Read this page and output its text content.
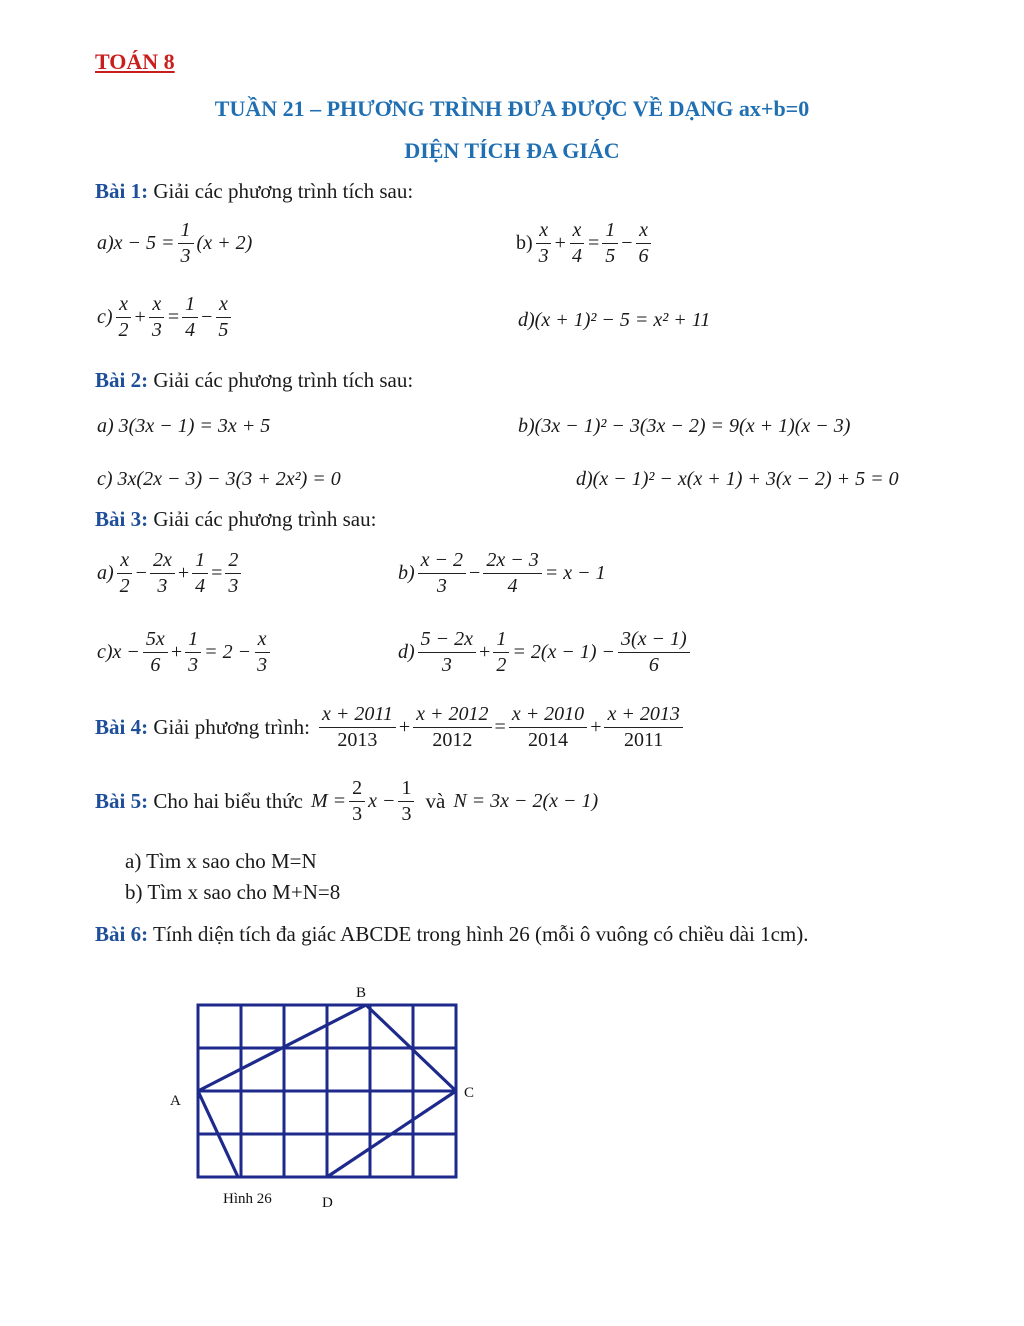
TOÁN 8
TUẦN 21 – PHƯƠNG TRÌNH ĐƯA ĐƯỢC VỀ DẠNG ax+b=0
DIỆN TÍCH ĐA GIÁC
Bài 1: Giải các phương trình tích sau:
$a)x - 5 = \frac{1}{3} (x + 2)$	$b) \frac{x}{3} + \frac{x}{4} = \frac{1}{5} - \frac{x}{6}$
$c) \frac{x}{2} + \frac{x}{3} = \frac{1}{4} - \frac{x}{5}$	d)(x + 1)² − 5 = x² + 11
Bài 2: Giải các phương trình tích sau:
a) 3(3x − 1) = 3x + 5	b)(3x − 1)² − 3(3x − 2) = 9(x + 1)(x − 3)
c) 3x(2x − 3) − 3(3 + 2x²) = 0	d)(x − 1)² − x(x + 1) + 3(x − 2) + 5 = 0
Bài 3: Giải các phương trình sau:
$a) \frac{x}{2} - \frac{2x}{3} + \frac{1}{4} = \frac{2}{3}$	$b) \frac{x - 2}{3} - \frac{2x - 3}{4} = x - 1$
$c)x - \frac{5x}{6} + \frac{1}{3} = 2 - \frac{x}{3}$	$d) \frac{5 - 2x}{3} + \frac{1}{2} = 2(x - 1) - \frac{3(x - 1)}{6}$
Bài 4: Giải phương trình: $\frac{x + 2011}{2013} + \frac{x + 2012}{2012} = \frac{x + 2010}{2014} + \frac{x + 2013}{2011}$
Bài 5: Cho hai biểu thức $M = \frac{2}{3}$ $x - \frac{1}{3}$ và N = 3x − 2(x − 1)
a) Tìm x sao cho M=N
b) Tìm x sao cho M+N=8
Bài 6: Tính diện tích đa giác ABCDE trong hình 26 (mỗi ô vuông có chiều dài 1cm).
B
A	C
D
Hình 26
